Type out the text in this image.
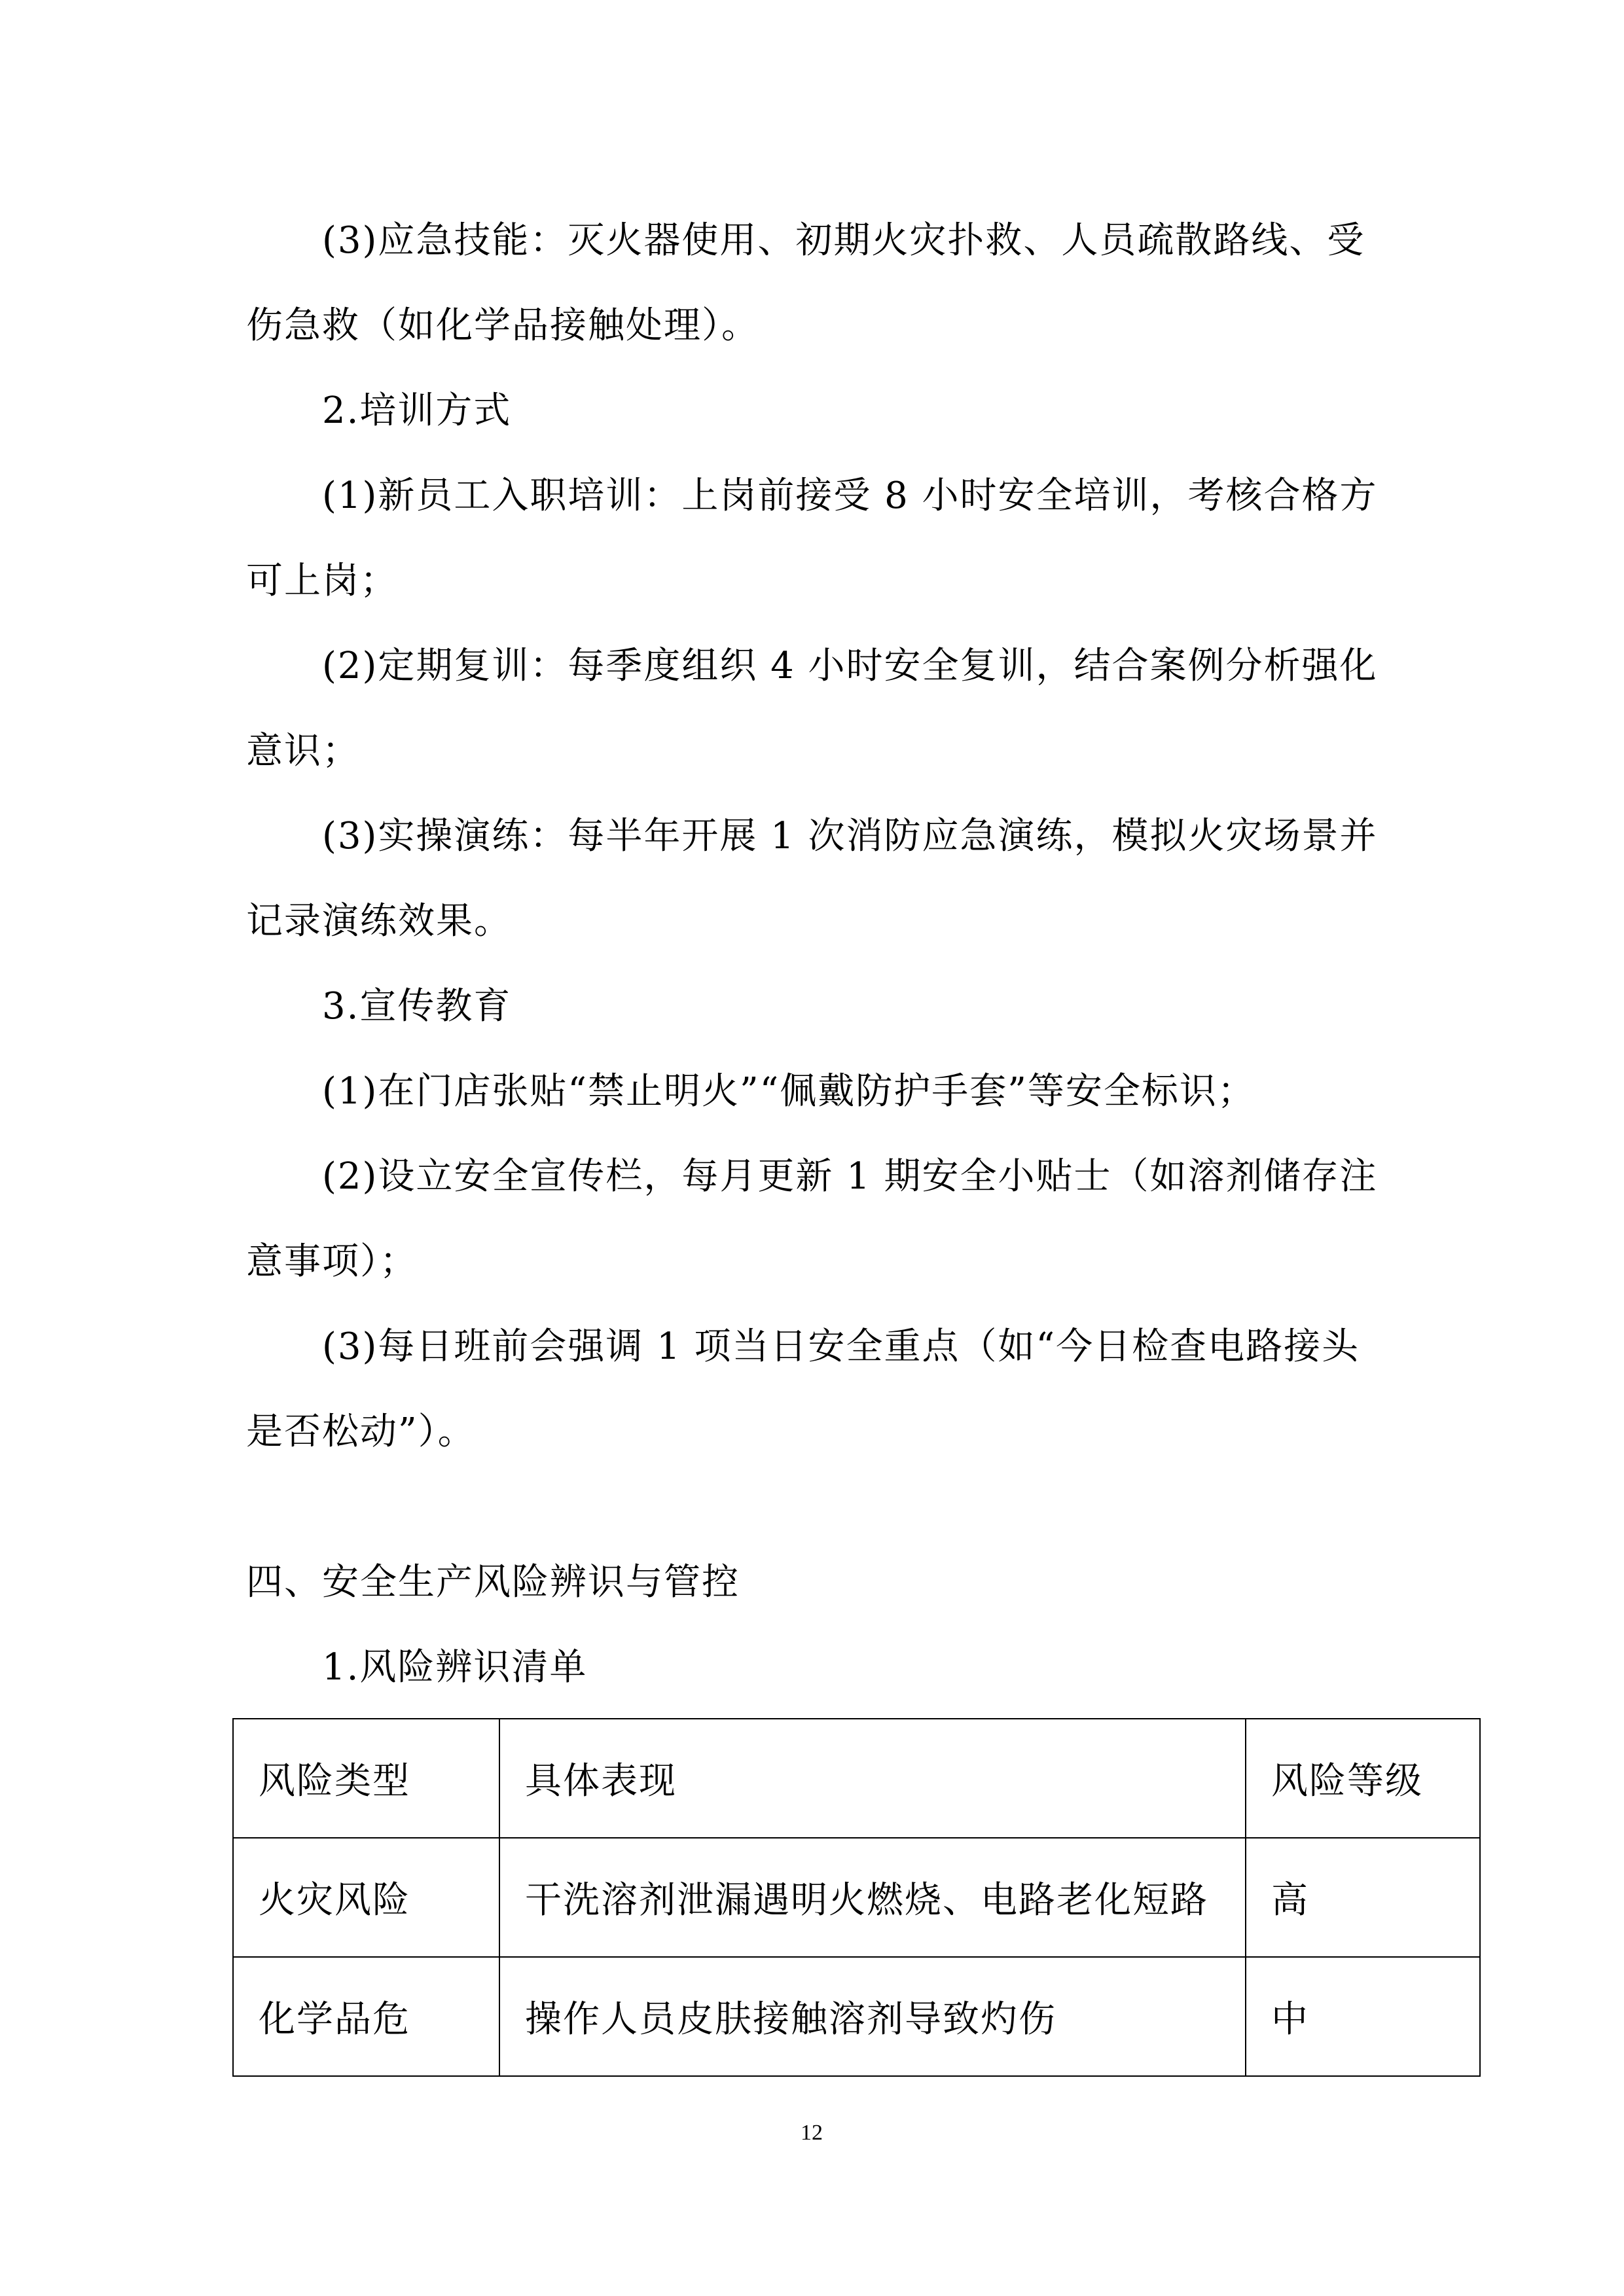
(3)应急技能：灭火器使用、初期火灾扑救、人员疏散路线、受
伤急救（如化学品接触处理）。
2.培训方式
(1)新员工入职培训：上岗前接受 8 小时安全培训，考核合格方
可上岗；
(2)定期复训：每季度组织 4 小时安全复训，结合案例分析强化
意识；
(3)实操演练：每半年开展 1 次消防应急演练，模拟火灾场景并
记录演练效果。
3.宣传教育
(1)在门店张贴“禁止明火”“佩戴防护手套”等安全标识；
(2)设立安全宣传栏，每月更新 1 期安全小贴士（如溶剂储存注
意事项）；
(3)每日班前会强调 1 项当日安全重点（如“今日检查电路接头
是否松动”）。
四、安全生产风险辨识与管控
1.风险辨识清单
风险类型	具体表现	风险等级
火灾风险	干洗溶剂泄漏遇明火燃烧、电路老化短路	高
化学品危	操作人员皮肤接触溶剂导致灼伤	中
12
